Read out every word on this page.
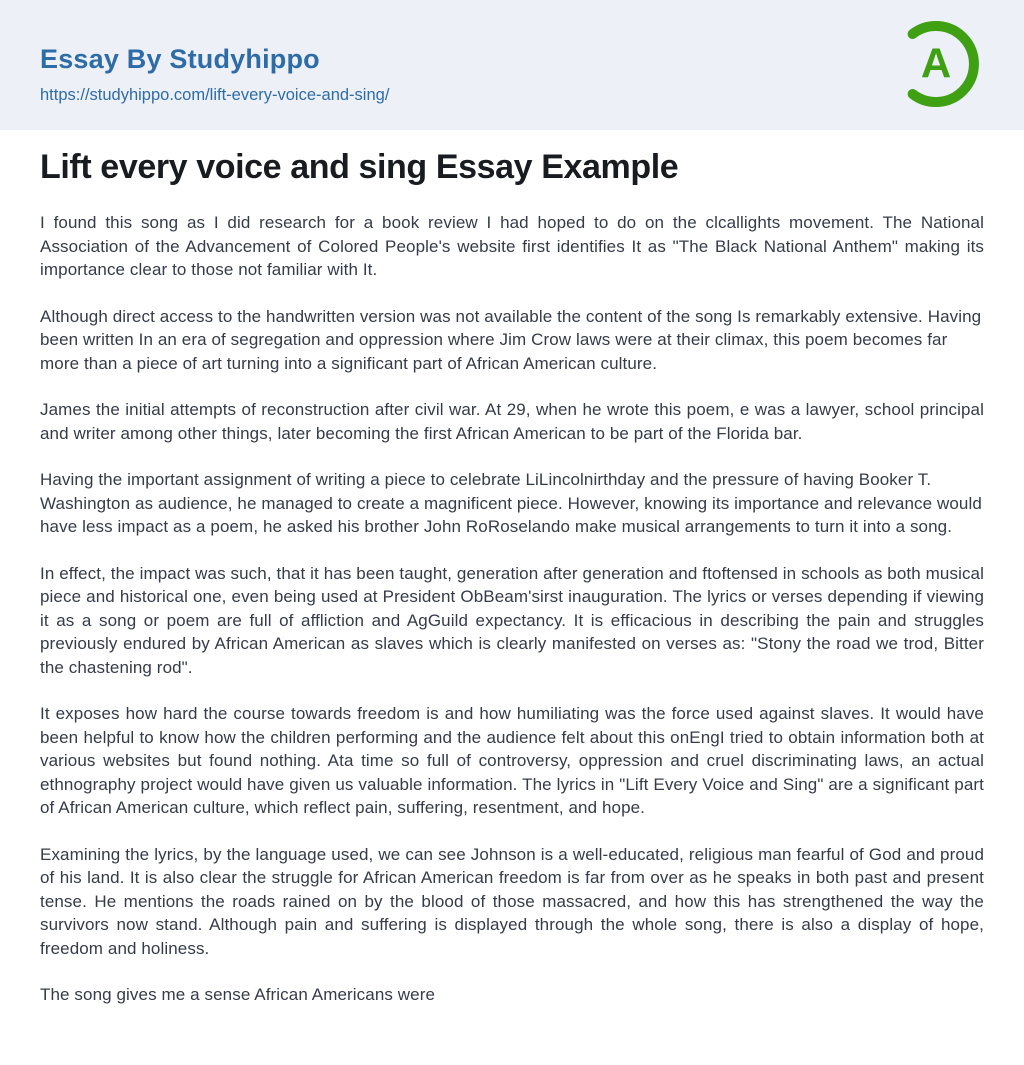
Essay By Studyhippo
https://studyhippo.com/lift-every-voice-and-sing/
A
Lift every voice and sing Essay Example

I found this song as I did research for a book review I had hoped to do on the clcallights movement. The National Association of the Advancement of Colored People's website first identifies It as "The Black National Anthem" making its importance clear to those not familiar with It.

Although direct access to the handwritten version was not available the content of the song Is remarkably extensive. Having been written In an era of segregation and oppression where Jim Crow laws were at their climax, this poem becomes far more than a piece of art turning into a significant part of African American culture.

James the initial attempts of reconstruction after civil war. At 29, when he wrote this poem, e was a lawyer, school principal and writer among other things, later becoming the first African American to be part of the Florida bar.

Having the important assignment of writing a piece to celebrate LiLincolnirthday and the pressure of having Booker T. Washington as audience, he managed to create a magnificent piece. However, knowing its importance and relevance would have less impact as a poem, he asked his brother John RoRoselando make musical arrangements to turn it into a song.

In effect, the impact was such, that it has been taught, generation after generation and ftoftensed in schools as both musical piece and historical one, even being used at President ObBeam'sirst inauguration. The lyrics or verses depending if viewing it as a song or poem are full of affliction and AgGuild expectancy. It is efficacious in describing the pain and struggles previously endured by African American as slaves which is clearly manifested on verses as: "Stony the road we trod, Bitter the chastening rod".

It exposes how hard the course towards freedom is and how humiliating was the force used against slaves. It would have been helpful to know how the children performing and the audience felt about this onEngI tried to obtain information both at various websites but found nothing. Ata time so full of controversy, oppression and cruel discriminating laws, an actual ethnography project would have given us valuable information. The lyrics in "Lift Every Voice and Sing" are a significant part of African American culture, which reflect pain, suffering, resentment, and hope.

Examining the lyrics, by the language used, we can see Johnson is a well-educated, religious man fearful of God and proud of his land. It is also clear the struggle for African American freedom is far from over as he speaks in both past and present tense. He mentions the roads rained on by the blood of those massacred, and how this has strengthened the way the survivors now stand. Although pain and suffering is displayed through the whole song, there is also a display of hope, freedom and holiness.

The song gives me a sense African Americans were
